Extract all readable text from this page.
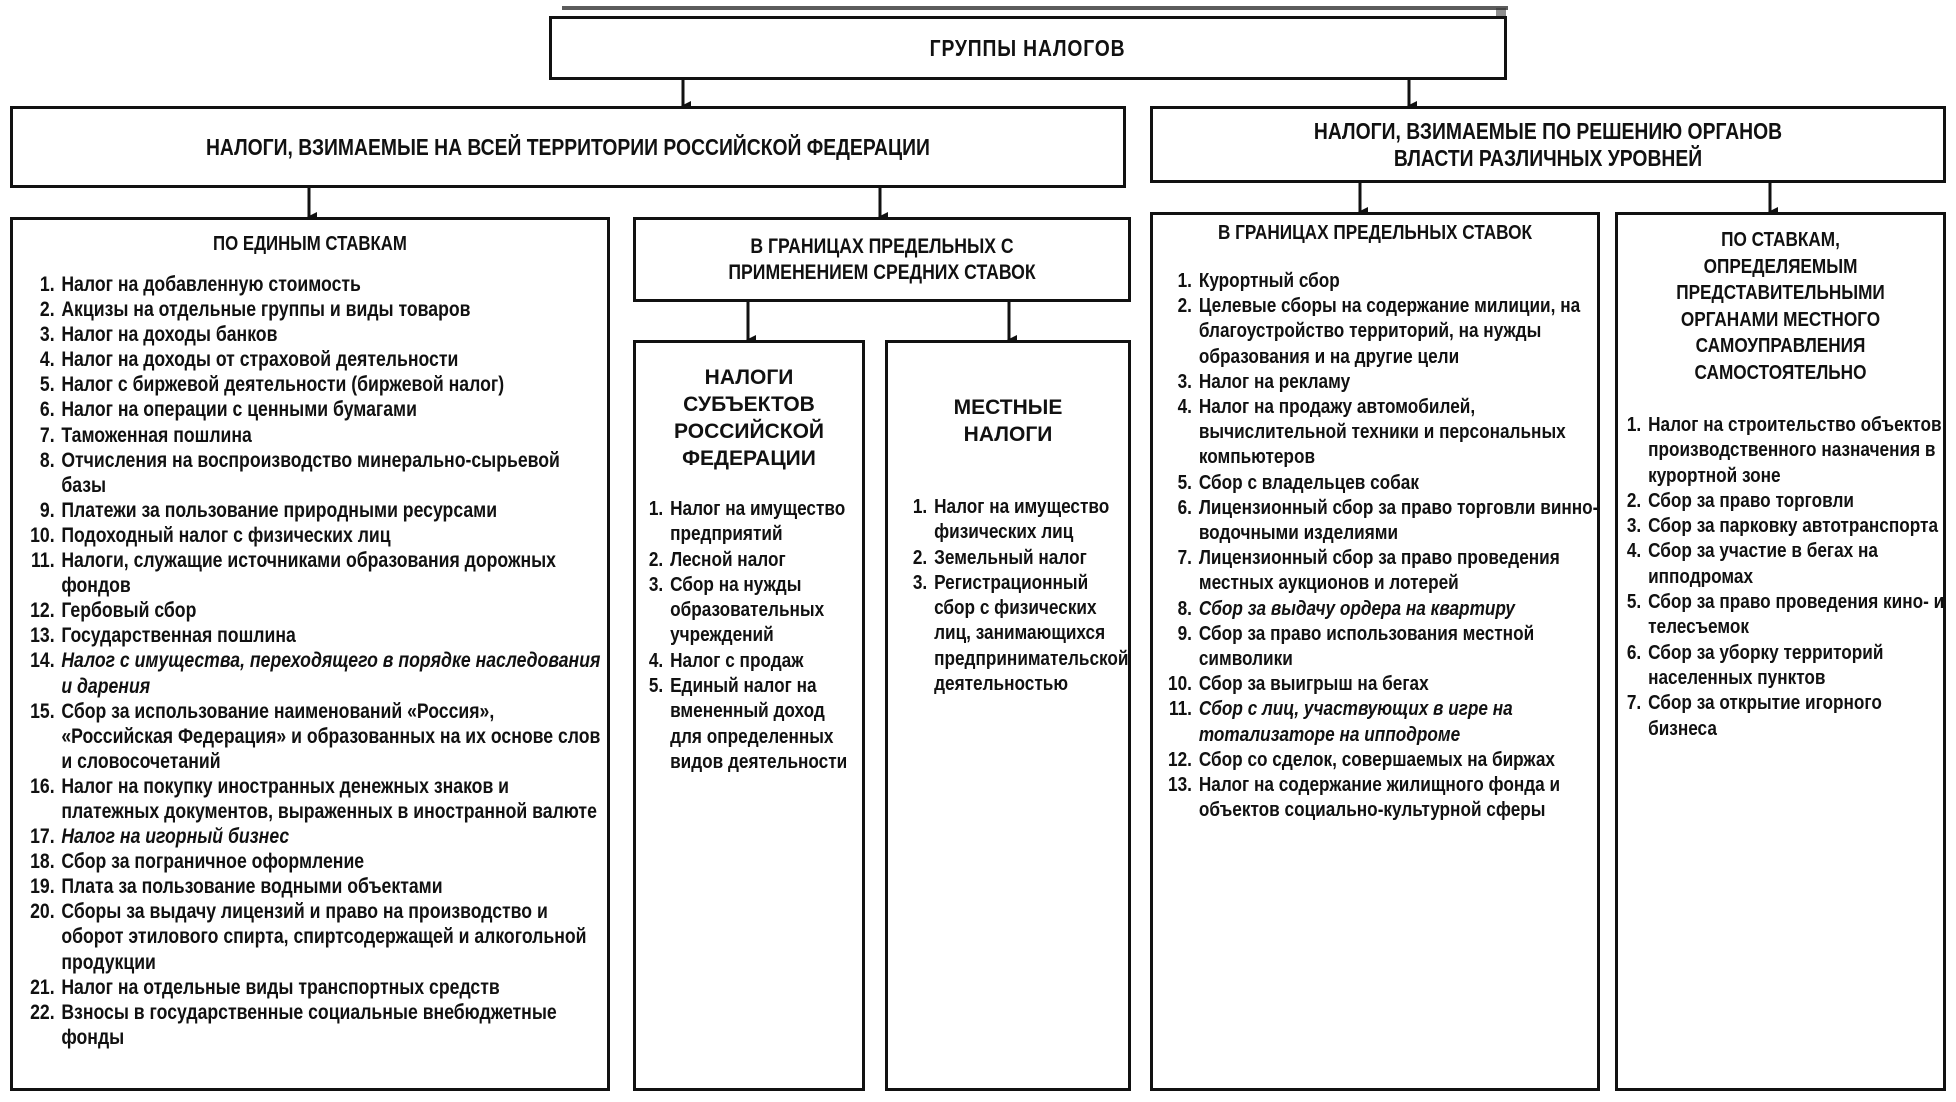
ГРУППЫ НАЛОГОВ
НАЛОГИ, ВЗИМАЕМЫЕ НА ВСЕЙ ТЕРРИТОРИИ РОССИЙСКОЙ ФЕДЕРАЦИИ
НАЛОГИ, ВЗИМАЕМЫЕ ПО РЕШЕНИЮ ОРГАНОВ ВЛАСТИ РАЗЛИЧНЫХ УРОВНЕЙ
ПО ЕДИНЫМ СТАВКАМ
1. Налог на добавленную стоимость
2. Акцизы на отдельные группы и виды товаров
3. Налог на доходы банков
4. Налог на доходы от страховой деятельности
5. Налог с биржевой деятельности (биржевой налог)
6. Налог на операции с ценными бумагами
7. Таможенная пошлина
8. Отчисления на воспроизводство минерально-сырьевой базы
9. Платежи за пользование природными ресурсами
10. Подоходный налог с физических лиц
11. Налоги, служащие источниками образования дорожных фондов
12. Гербовый сбор
13. Государственная пошлина
14. Налог с имущества, переходящего в порядке наследования и дарения
15. Сбор за использование наименований «Россия», «Российская Федерация» и образованных на их основе слов и словосочетаний
16. Налог на покупку иностранных денежных знаков и платежных документов, выраженных в иностранной валюте
17. Налог на игорный бизнес
18. Сбор за пограничное оформление
19. Плата за пользование водными объектами
20. Сборы за выдачу лицензий и право на производство и оборот этилового спирта, спиртсодержащей и алкогольной продукции
21. Налог на отдельные виды транспортных средств
22. Взносы в государственные социальные внебюджетные фонды
В ГРАНИЦАХ ПРЕДЕЛЬНЫХ С ПРИМЕНЕНИЕМ СРЕДНИХ СТАВОК
НАЛОГИ СУБЪЕКТОВ РОССИЙСКОЙ ФЕДЕРАЦИИ
1. Налог на имущество предприятий
2. Лесной налог
3. Сбор на нужды образовательных учреждений
4. Налог с продаж
5. Единый налог на вмененный доход для определенных видов деятельности
МЕСТНЫЕ НАЛОГИ
1. Налог на имущество физических лиц
2. Земельный налог
3. Регистрационный сбор с физических лиц, занимающихся предпринимательской деятельностью
В ГРАНИЦАХ ПРЕДЕЛЬНЫХ СТАВОК
1. Курортный сбор
2. Целевые сборы на содержание милиции, на благоустройство территорий, на нужды образования и на другие цели
3. Налог на рекламу
4. Налог на продажу автомобилей, вычислительной техники и персональных компьютеров
5. Сбор с владельцев собак
6. Лицензионный сбор за право торговли винно-водочными изделиями
7. Лицензионный сбор за право проведения местных аукционов и лотерей
8. Сбор за выдачу ордера на квартиру
9. Сбор за право использования местной символики
10. Сбор за выигрыш на бегах
11. Сбор с лиц, участвующих в игре на тотализаторе на ипподроме
12. Сбор со сделок, совершаемых на биржах
13. Налог на содержание жилищного фонда и объектов социально-культурной сферы
ПО СТАВКАМ, ОПРЕДЕЛЯЕМЫМ ПРЕДСТАВИТЕЛЬНЫМИ ОРГАНАМИ МЕСТНОГО САМОУПРАВЛЕНИЯ САМОСТОЯТЕЛЬНО
1. Налог на строительство объектов производственного назначения в курортной зоне
2. Сбор за право торговли
3. Сбор за парковку автотранспорта
4. Сбор за участие в бегах на ипподромах
5. Сбор за право проведения кино- и телесъемок
6. Сбор за уборку территорий населенных пунктов
7. Сбор за открытие игорного бизнеса
